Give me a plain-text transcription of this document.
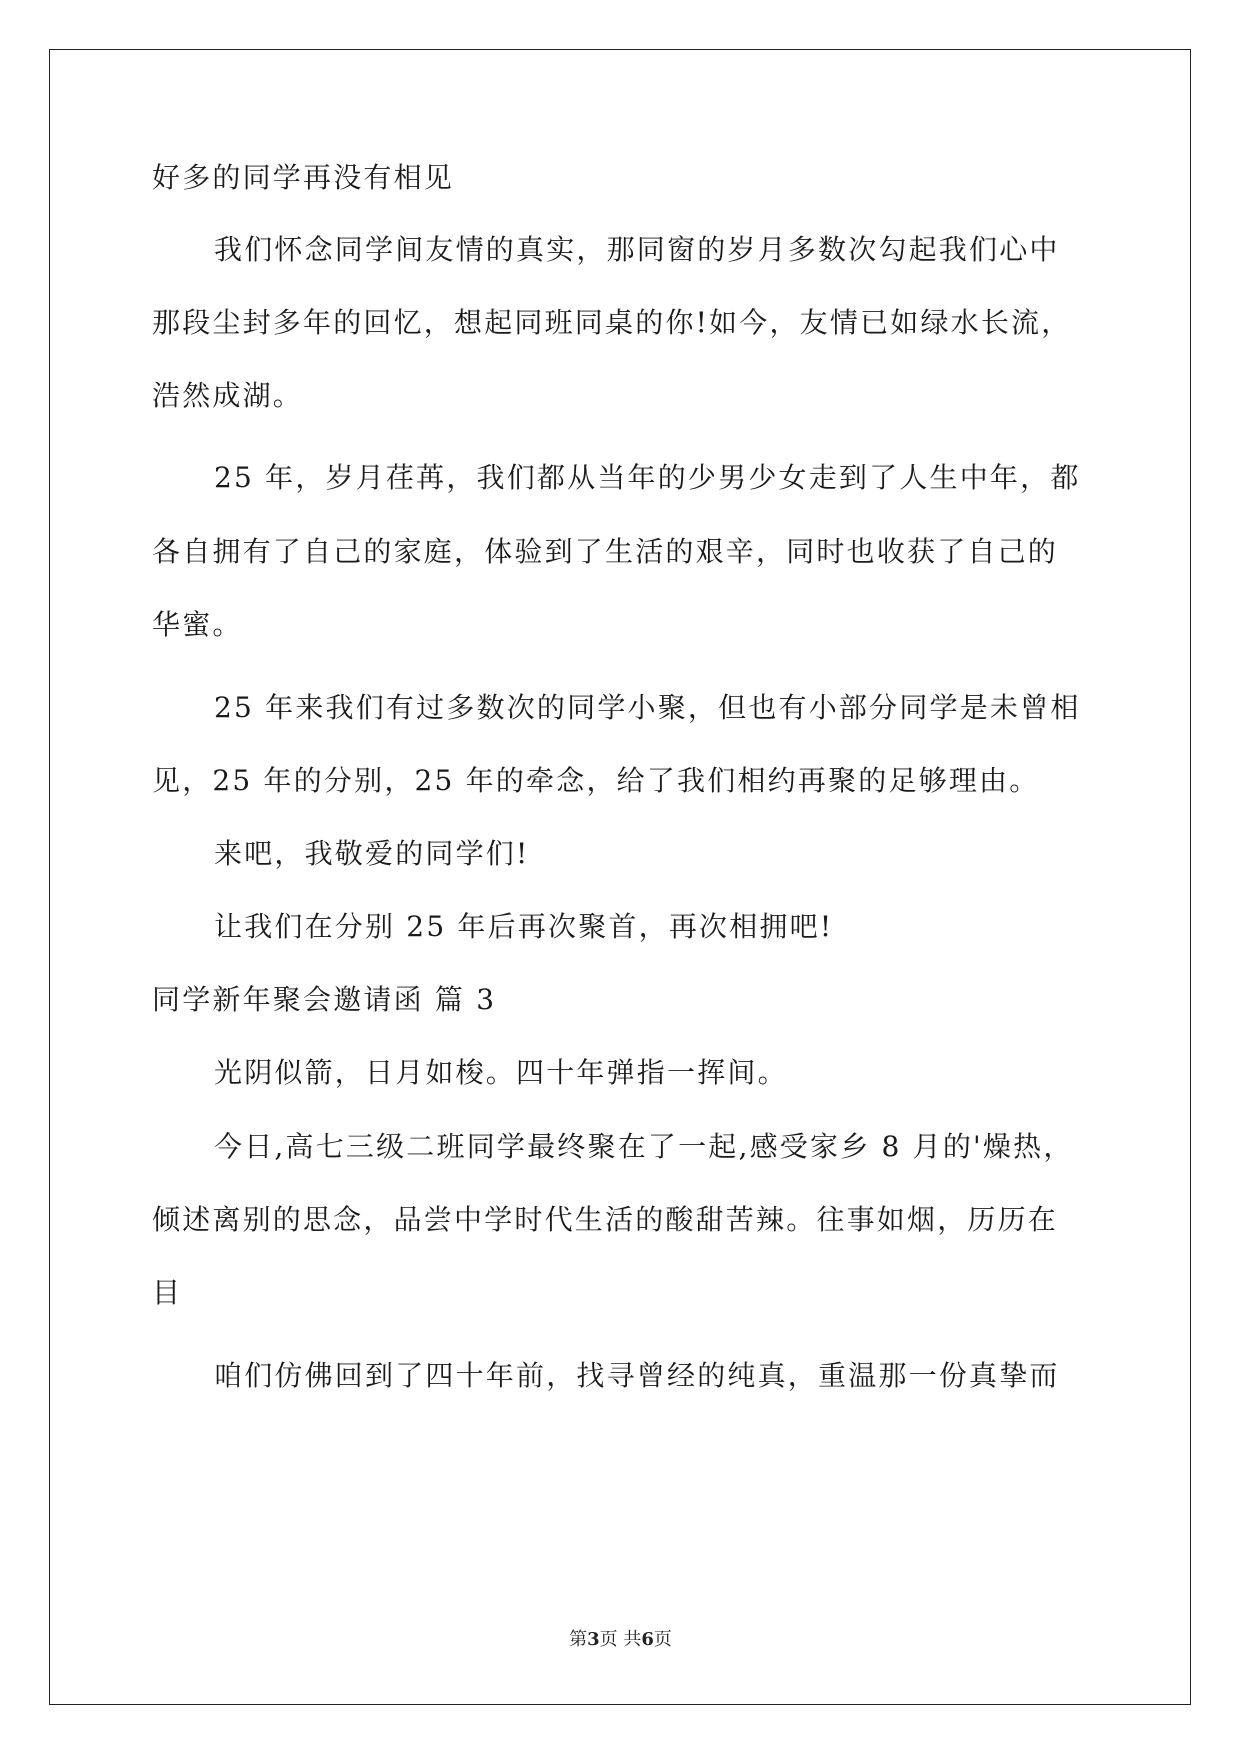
好多的同学再没有相见
我们怀念同学间友情的真实，那同窗的岁月多数次勾起我们心中
那段尘封多年的回忆，想起同班同桌的你!如今，友情已如绿水长流，
浩然成湖。
25 年，岁月荏苒，我们都从当年的少男少女走到了人生中年，都
各自拥有了自己的家庭，体验到了生活的艰辛，同时也收获了自己的
华蜜。
25 年来我们有过多数次的同学小聚，但也有小部分同学是未曾相
见，25 年的分别，25 年的牵念，给了我们相约再聚的足够理由。
来吧，我敬爱的同学们!
让我们在分别 25 年后再次聚首，再次相拥吧!
同学新年聚会邀请函 篇 3
光阴似箭，日月如梭。四十年弹指一挥间。
今日,高七三级二班同学最终聚在了一起,感受家乡 8 月的'燥热，
倾述离别的思念，品尝中学时代生活的酸甜苦辣。往事如烟，历历在
目
咱们仿佛回到了四十年前，找寻曾经的纯真，重温那一份真挚而
第3页 共6页
